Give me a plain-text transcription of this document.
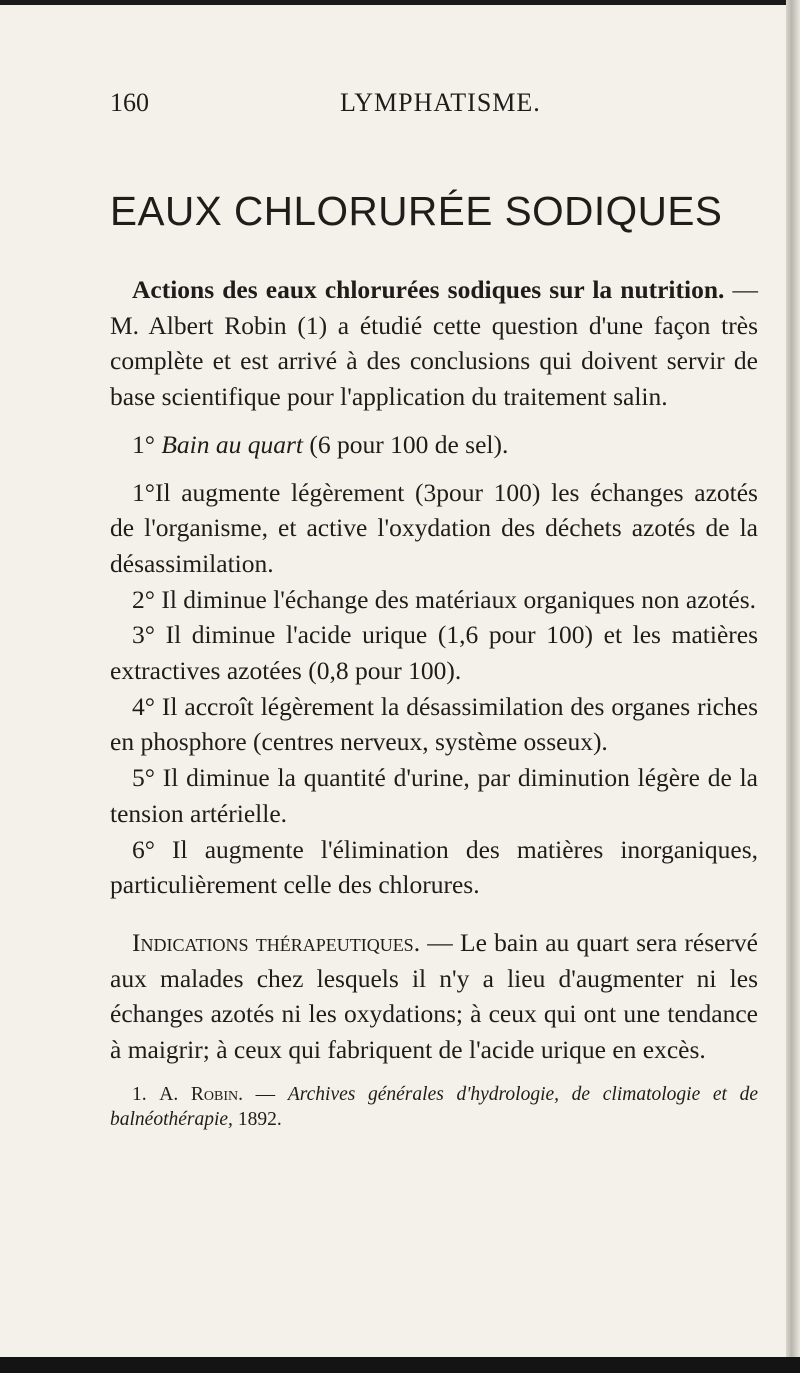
160	LYMPHATISME.
EAUX CHLORURÉE SODIQUES

Actions des eaux chlorurées sodiques sur la nutrition. — M. Albert Robin (1) a étudié cette question d'une façon très complète et est arrivé à des conclusions qui doivent servir de base scientifique pour l'application du traitement salin.

1° Bain au quart (6 pour 100 de sel).

1°Il augmente légèrement (3pour 100) les échanges azotés de l'organisme, et active l'oxydation des déchets azotés de la désassimilation.

2° Il diminue l'échange des matériaux organiques non azotés.

3° Il diminue l'acide urique (1,6 pour 100) et les matières extractives azotées (0,8 pour 100).

4° Il accroît légèrement la désassimilation des organes riches en phosphore (centres nerveux, système osseux).

5° Il diminue la quantité d'urine, par diminution légère de la tension artérielle.

6° Il augmente l'élimination des matières inorganiques, particulièrement celle des chlorures.

Indications thérapeutiques. — Le bain au quart sera réservé aux malades chez lesquels il n'y a lieu d'augmenter ni les échanges azotés ni les oxydations; à ceux qui ont une tendance à maigrir; à ceux qui fabriquent de l'acide urique en excès.

1. A. Robin. — Archives générales d'hydrologie, de climatologie et de balnéothérapie, 1892.
